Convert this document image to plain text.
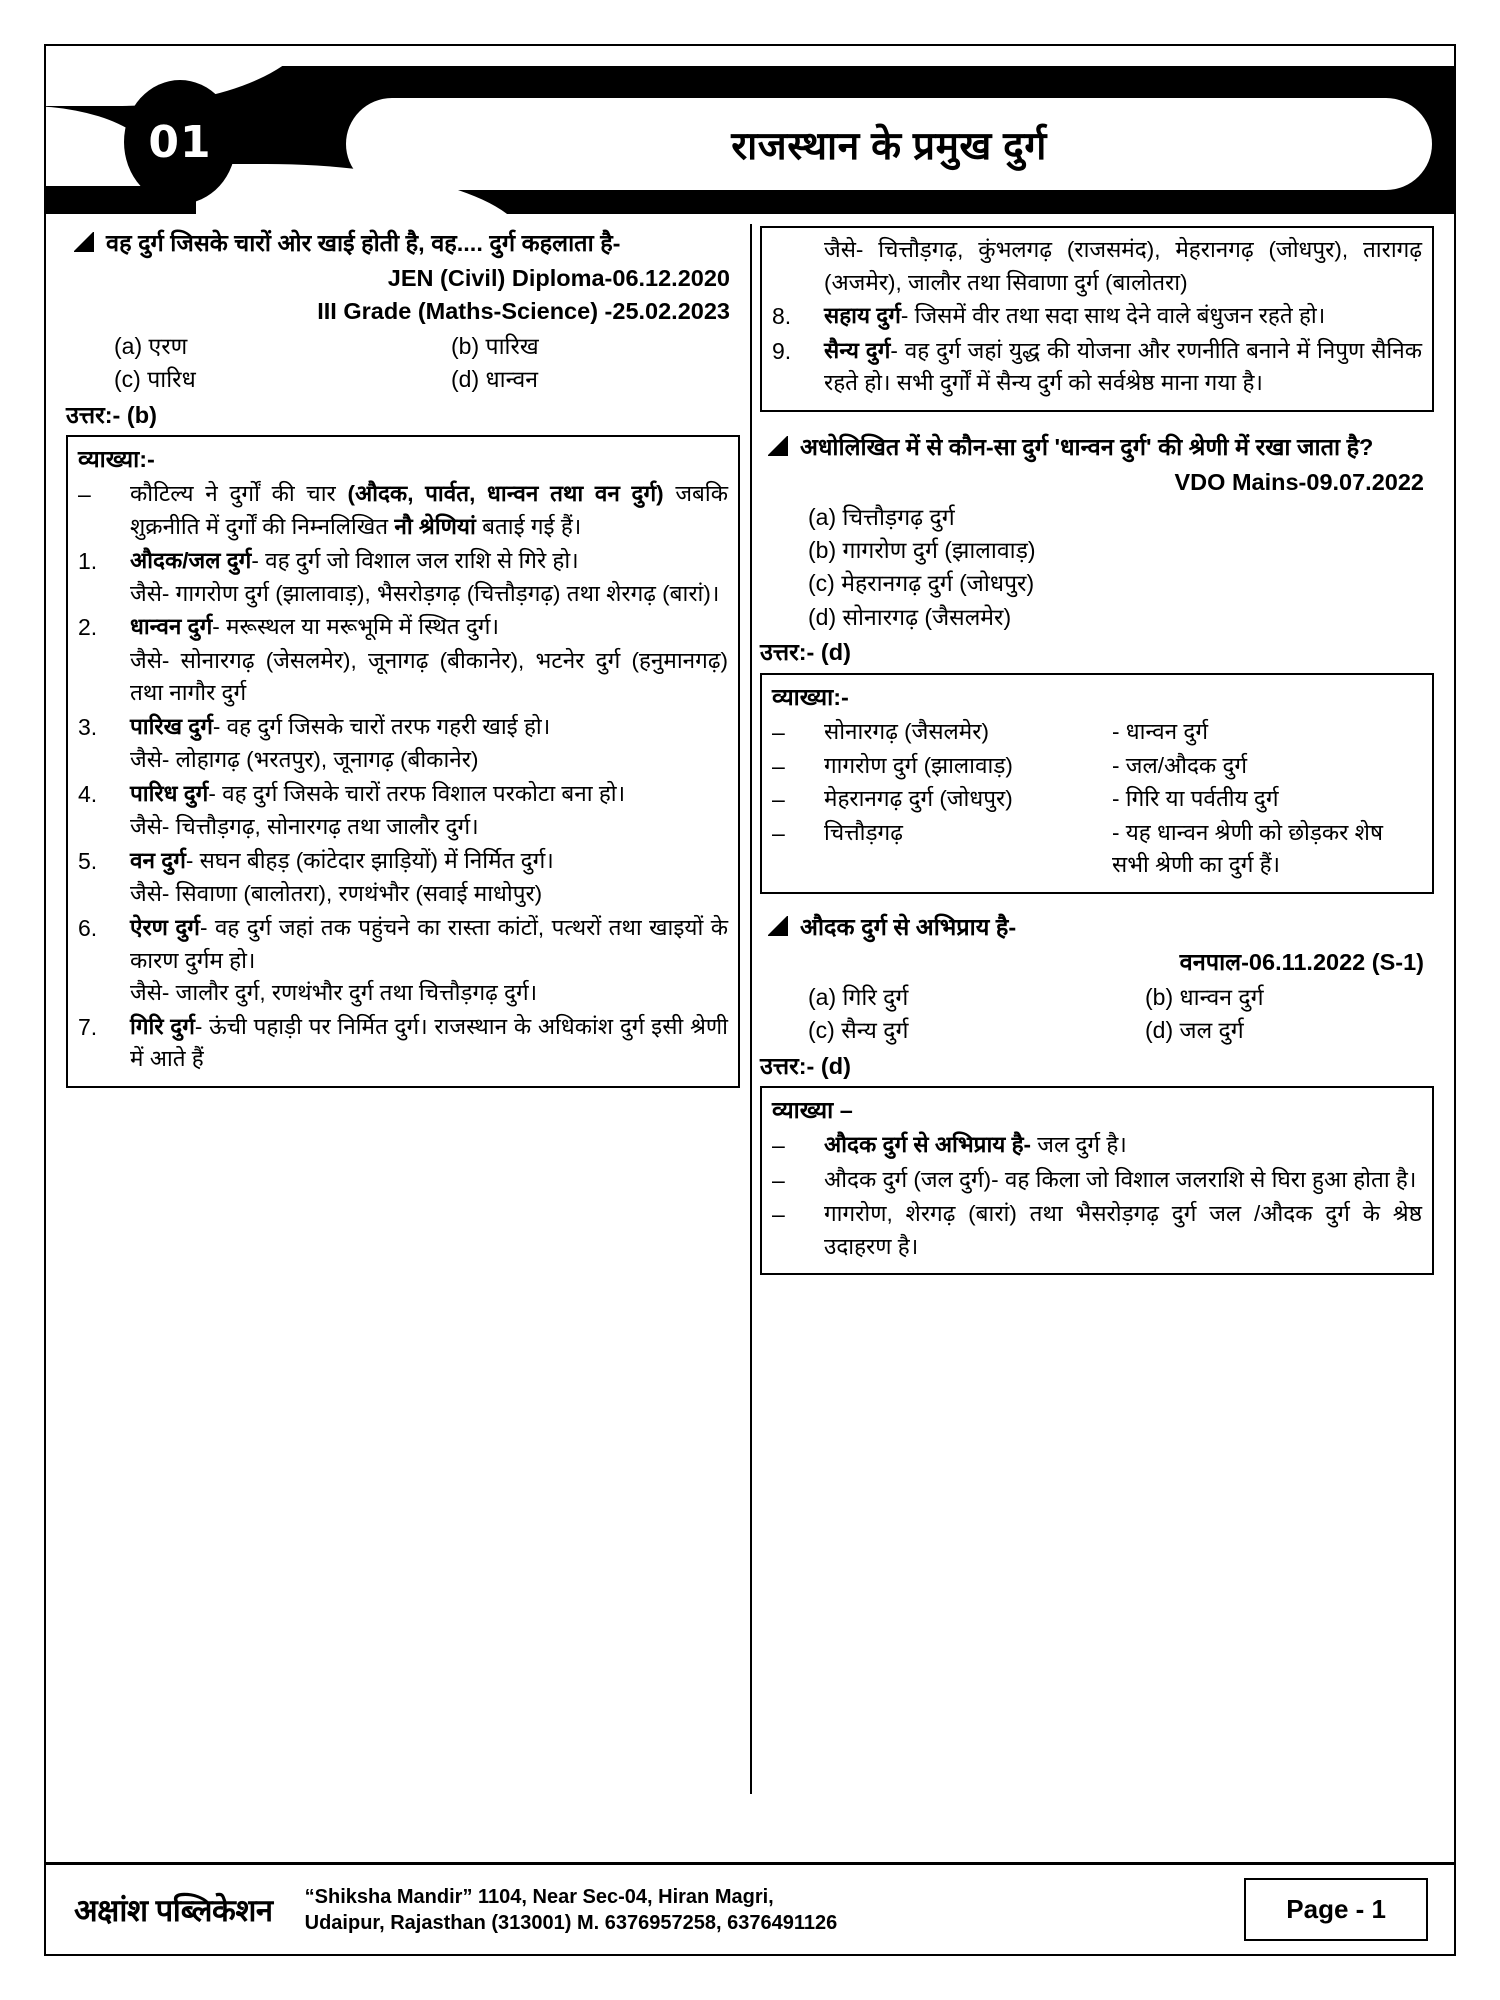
01	राजस्थान के प्रमुख दुर्ग
वह दुर्ग जिसके चारों ओर खाई होती है, वह.... दुर्ग कहलाता है-
JEN (Civil) Diploma-06.12.2020
III Grade (Maths-Science) -25.02.2023
(a) एरण	(b) पारिख
(c) पारिध	(d) धान्वन
उत्तर:- (b)
व्याख्या:-
–	कौटिल्य ने दुर्गों की चार (औदक, पार्वत, धान्वन तथा वन दुर्ग) जबकि शुक्रनीति में दुर्गों की निम्नलिखित नौ श्रेणियां बताई गई हैं।
1.	औदक/जल दुर्ग- वह दुर्ग जो विशाल जल राशि से गिरे हो।
जैसे- गागरोण दुर्ग (झालावाड़), भैसरोड़गढ़ (चित्तौड़गढ़) तथा शेरगढ़ (बारां)।
2.	धान्वन दुर्ग- मरूस्थल या मरूभूमि में स्थित दुर्ग।
जैसे- सोनारगढ़ (जेसलमेर), जूनागढ़ (बीकानेर), भटनेर दुर्ग (हनुमानगढ़) तथा नागौर दुर्ग
3.	पारिख दुर्ग- वह दुर्ग जिसके चारों तरफ गहरी खाई हो।
जैसे- लोहागढ़ (भरतपुर), जूनागढ़ (बीकानेर)
4.	पारिध दुर्ग- वह दुर्ग जिसके चारों तरफ विशाल परकोटा बना हो।
जैसे- चित्तौड़गढ़, सोनारगढ़ तथा जालौर दुर्ग।
5.	वन दुर्ग- सघन बीहड़ (कांटेदार झाड़ियों) में निर्मित दुर्ग।
जैसे- सिवाणा (बालोतरा), रणथंभौर (सवाई माधोपुर)
6.	ऐरण दुर्ग- वह दुर्ग जहां तक पहुंचने का रास्ता कांटों, पत्थरों तथा खाइयों के कारण दुर्गम हो।
जैसे- जालौर दुर्ग, रणथंभौर दुर्ग तथा चित्तौड़गढ़ दुर्ग।
7.	गिरि दुर्ग- ऊंची पहाड़ी पर निर्मित दुर्ग। राजस्थान के अधिकांश दुर्ग इसी श्रेणी में आते हैं
जैसे- चित्तौड़गढ़, कुंभलगढ़ (राजसमंद), मेहरानगढ़ (जोधपुर), तारागढ़ (अजमेर), जालौर तथा सिवाणा दुर्ग (बालोतरा)
8.	सहाय दुर्ग- जिसमें वीर तथा सदा साथ देने वाले बंधुजन रहते हो।
9.	सैन्य दुर्ग- वह दुर्ग जहां युद्ध की योजना और रणनीति बनाने में निपुण सैनिक रहते हो। सभी दुर्गों में सैन्य दुर्ग को सर्वश्रेष्ठ माना गया है।
अधोलिखित में से कौन-सा दुर्ग 'धान्वन दुर्ग' की श्रेणी में रखा जाता है?
VDO Mains-09.07.2022
(a) चित्तौड़गढ़ दुर्ग
(b) गागरोण दुर्ग (झालावाड़)
(c) मेहरानगढ़ दुर्ग (जोधपुर)
(d) सोनारगढ़ (जैसलमेर)
उत्तर:- (d)
व्याख्या:-
–	सोनारगढ़ (जैसलमेर)	- धान्वन दुर्ग
–	गागरोण दुर्ग (झालावाड़)	- जल/औदक दुर्ग
–	मेहरानगढ़ दुर्ग (जोधपुर)	- गिरि या पर्वतीय दुर्ग
–	चित्तौड़गढ़	- यह धान्वन श्रेणी को छोड़कर शेष सभी श्रेणी का दुर्ग हैं।
औदक दुर्ग से अभिप्राय है-
वनपाल-06.11.2022 (S-1)
(a) गिरि दुर्ग	(b) धान्वन दुर्ग
(c) सैन्य दुर्ग	(d) जल दुर्ग
उत्तर:- (d)
व्याख्या –
–	औदक दुर्ग से अभिप्राय है- जल दुर्ग है।
–	औदक दुर्ग (जल दुर्ग)- वह किला जो विशाल जलराशि से घिरा हुआ होता है।
–	गागरोण, शेरगढ़ (बारां) तथा भैसरोड़गढ़ दुर्ग जल /औदक दुर्ग के श्रेष्ठ उदाहरण है।
अक्षांश पब्लिकेशन “Shiksha Mandir” 1104, Near Sec-04, Hiran Magri,
Udaipur, Rajasthan (313001) M. 6376957258, 6376491126	Page - 1
